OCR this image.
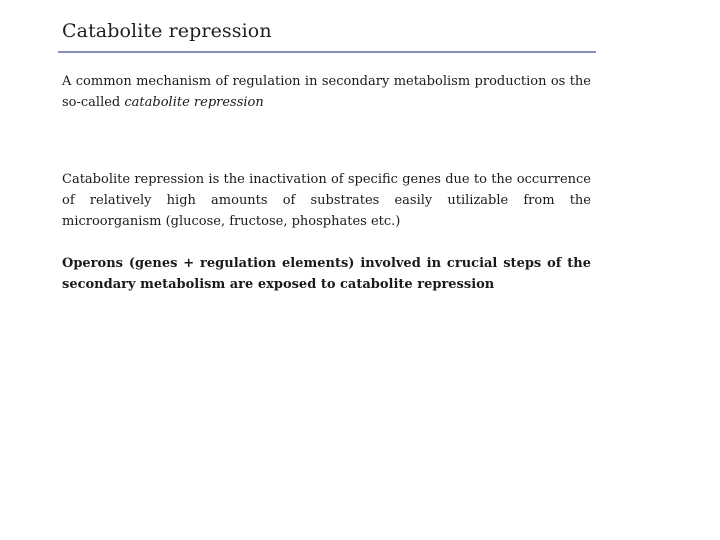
Catabolite repression

A common mechanism of regulation in secondary metabolism production os the so-called catabolite repression

Catabolite repression is the inactivation of specific genes due to the occurrence of relatively high amounts of substrates easily utilizable from the microorganism (glucose, fructose, phosphates etc.)

Operons (genes + regulation elements) involved in crucial steps of the secondary metabolism are exposed to catabolite repression
